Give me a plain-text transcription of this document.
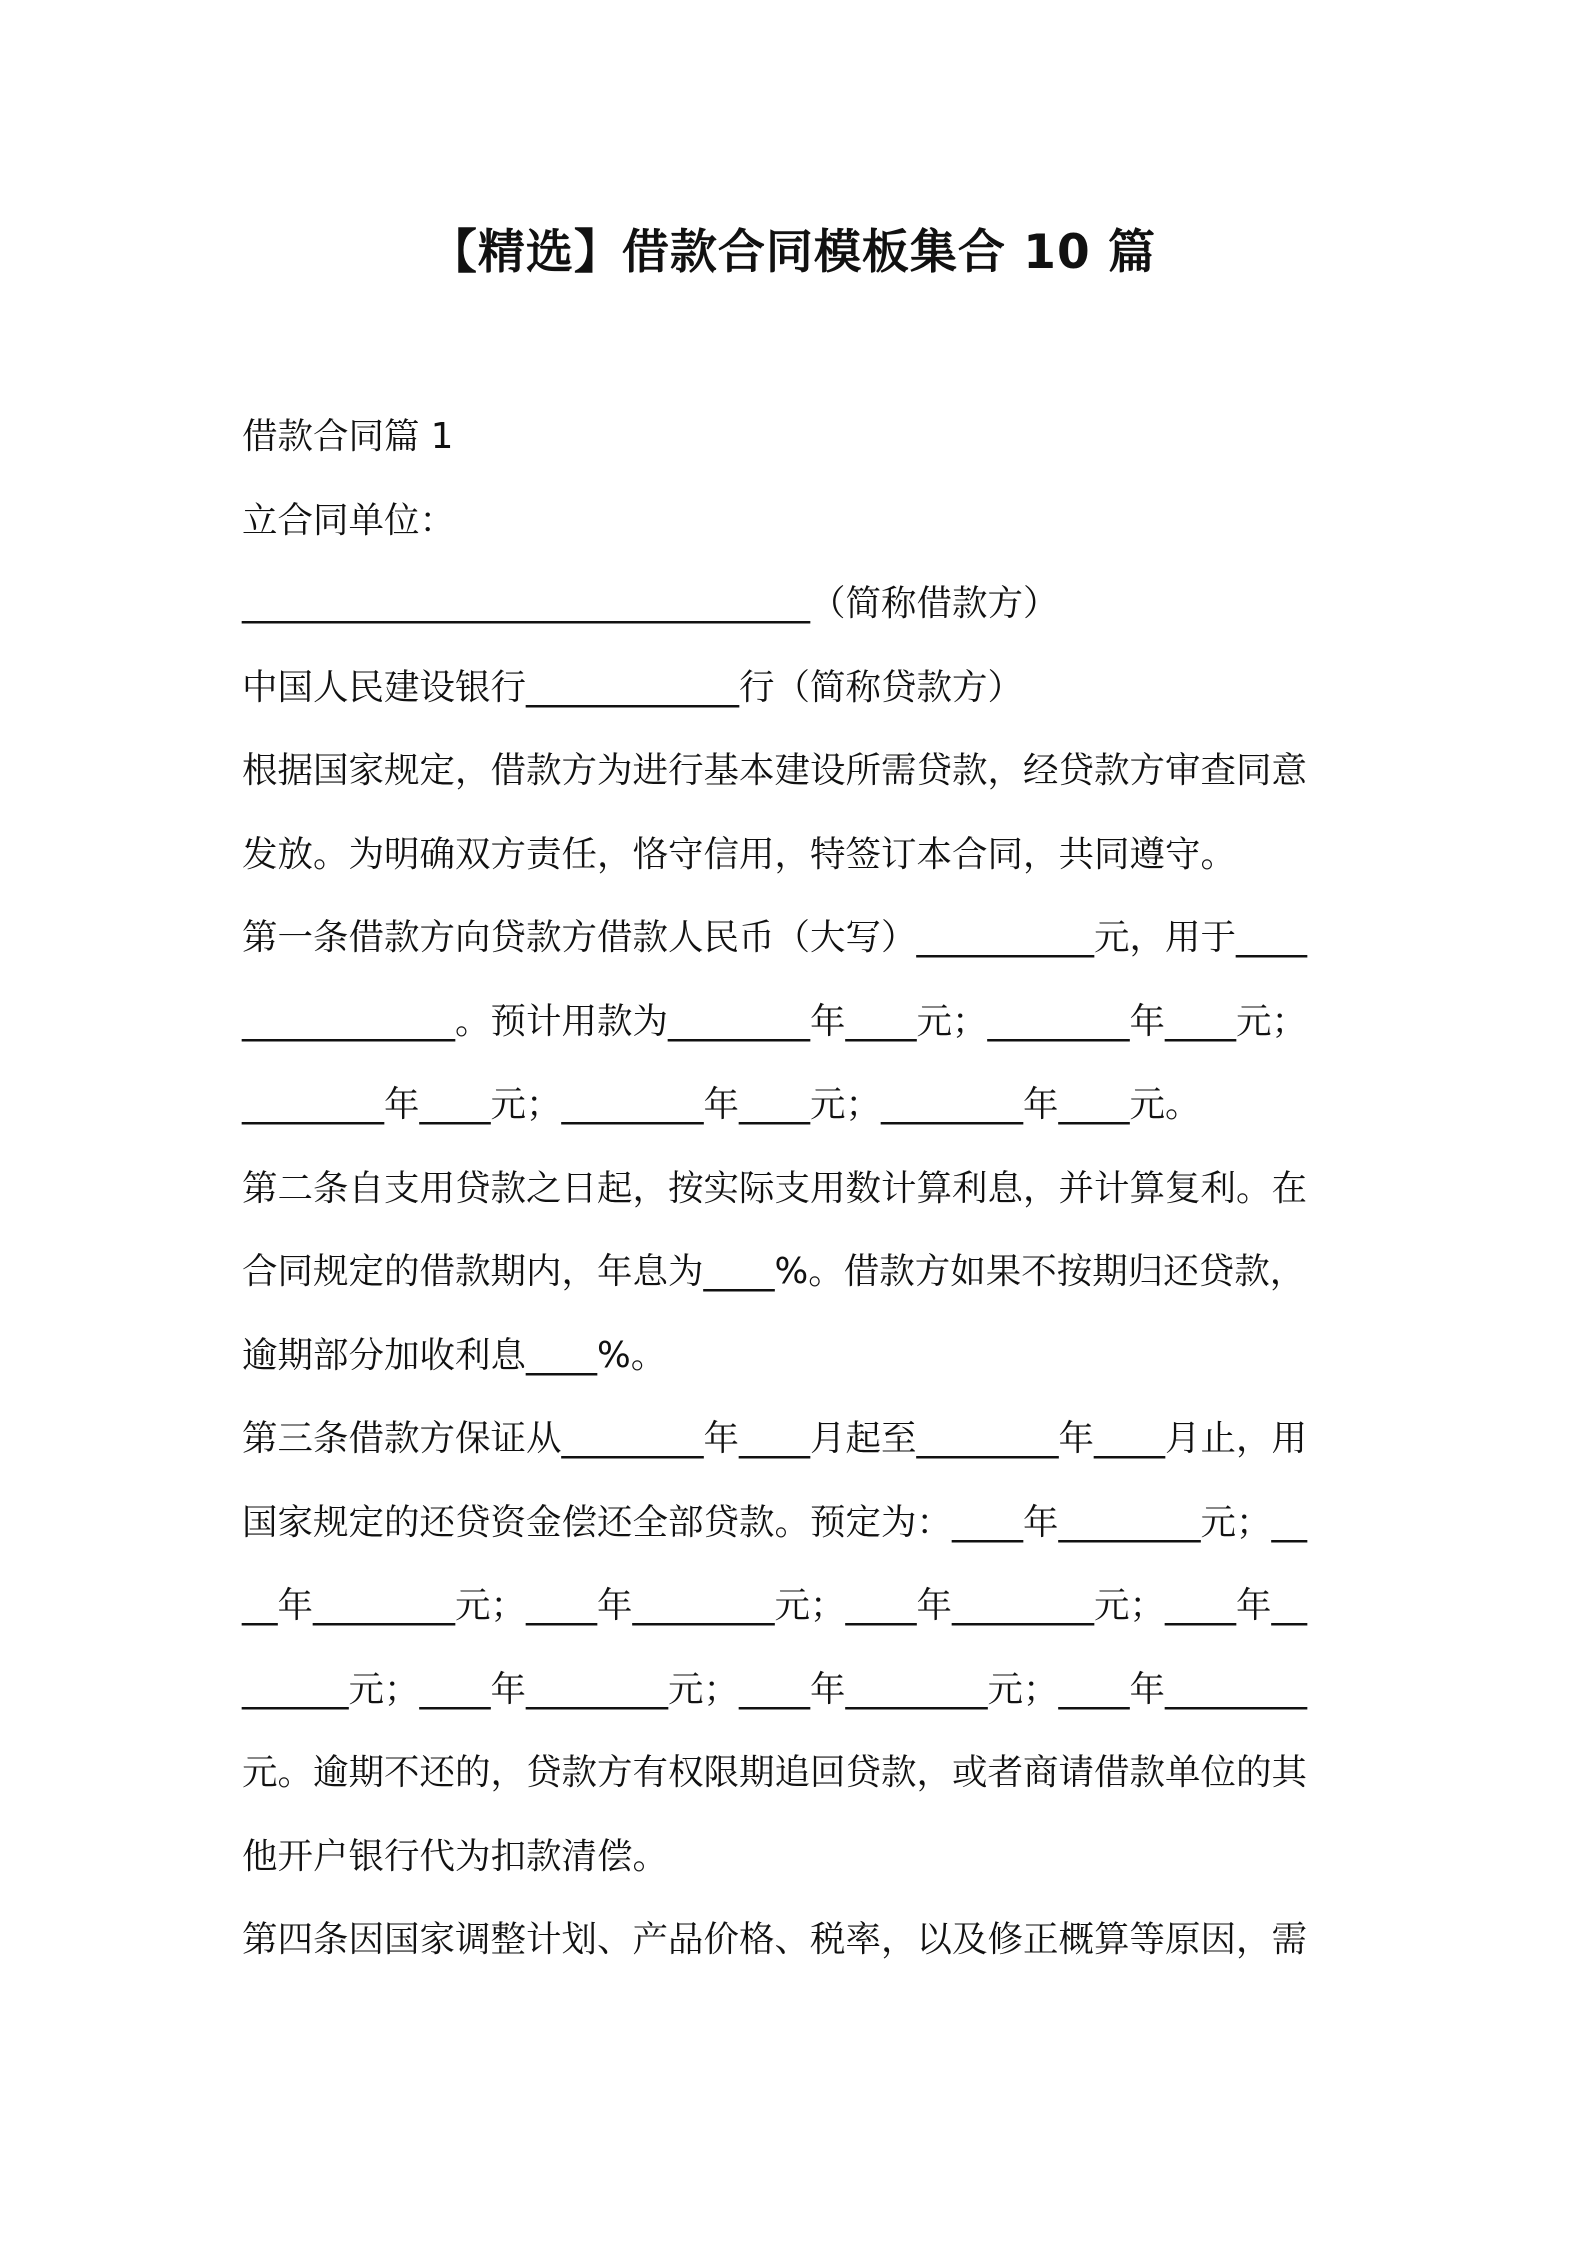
【精选】借款合同模板集合 10 篇
借款合同篇 1
立合同单位：
________________________________（简称借款方）
中国人民建设银行____________行（简称贷款方）
根据国家规定，借款方为进行基本建设所需贷款，经贷款方审查同意
发放。为明确双方责任，恪守信用，特签订本合同，共同遵守。
第一条借款方向贷款方借款人民币（大写）__________元，用于____
____________。预计用款为________年____元；________年____元；
________年____元；________年____元；________年____元。
第二条自支用贷款之日起，按实际支用数计算利息，并计算复利。在
合同规定的借款期内，年息为____%。借款方如果不按期归还贷款，
逾期部分加收利息____%。
第三条借款方保证从________年____月起至________年____月止，用
国家规定的还贷资金偿还全部贷款。预定为：____年________元；__
__年________元；____年________元；____年________元；____年__
______元；____年________元；____年________元；____年________
元。逾期不还的，贷款方有权限期追回贷款，或者商请借款单位的其
他开户银行代为扣款清偿。
第四条因国家调整计划、产品价格、税率，以及修正概算等原因，需
